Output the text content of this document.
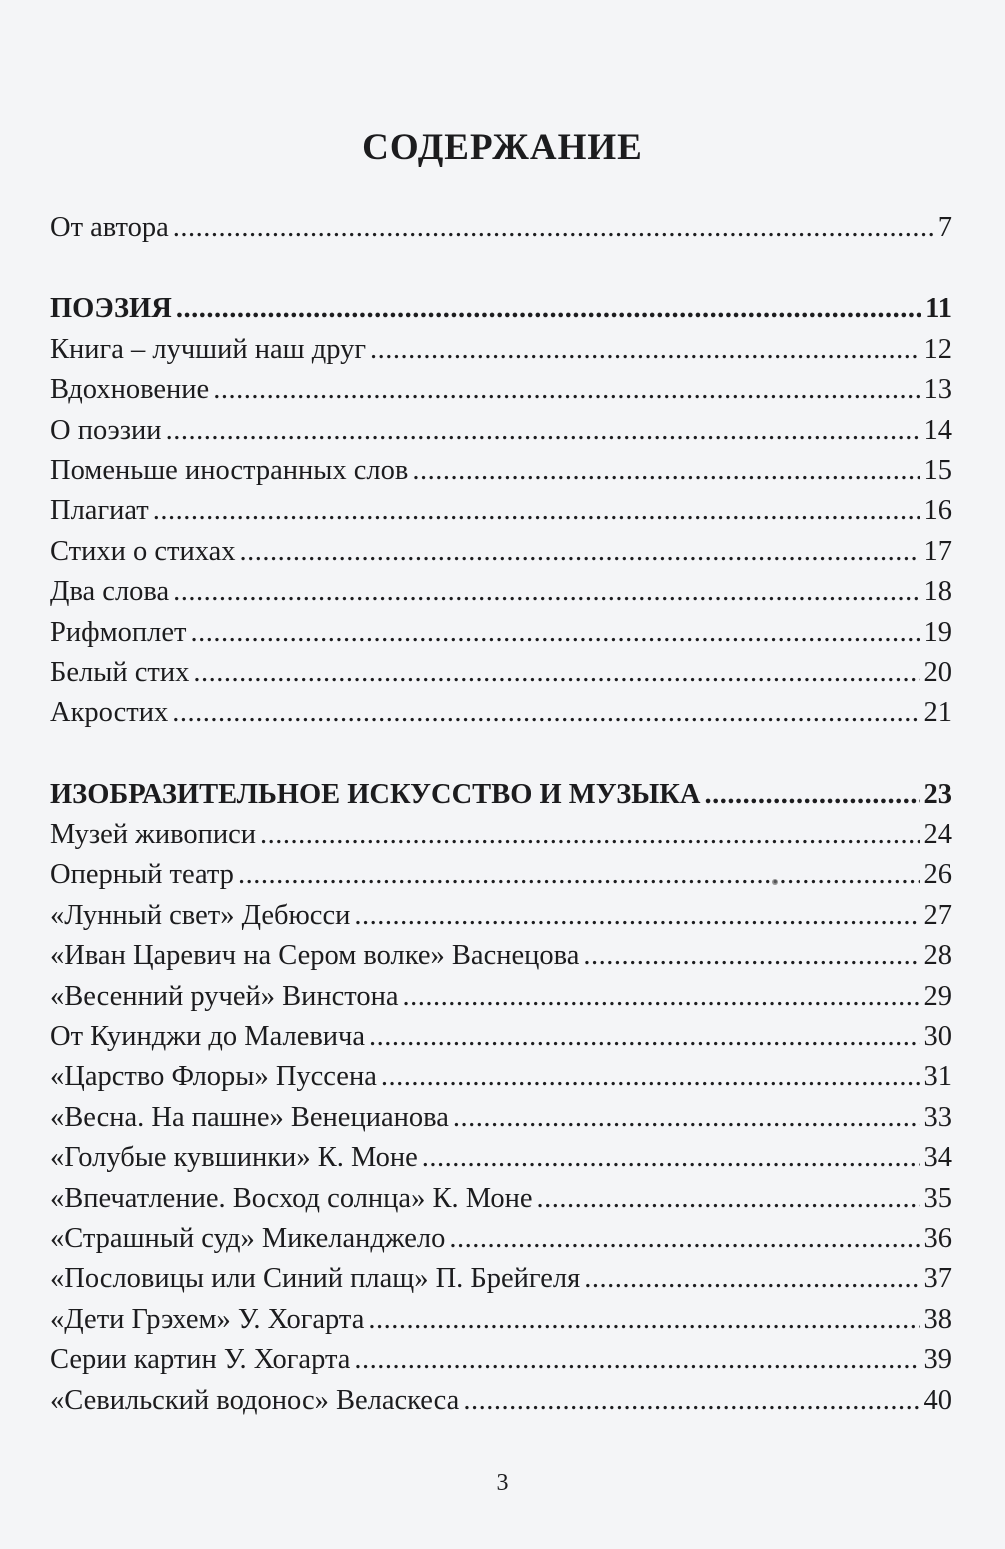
СОДЕРЖАНИЕ
От автора .....	7
ПОЭЗИЯ .....	11
Книга – лучший наш друг .....	12
Вдохновение .....	13
О поэзии .....	14
Поменьше иностранных слов .....	15
Плагиат .....	16
Стихи о стихах .....	17
Два слова .....	18
Рифмоплет .....	19
Белый стих .....	20
Акростих .....	21
ИЗОБРАЗИТЕЛЬНОЕ ИСКУССТВО И МУЗЫКА .....	23
Музей живописи .....	24
Оперный театр .....	26
«Лунный свет» Дебюсси .....	27
«Иван Царевич на Сером волке» Васнецова .....	28
«Весенний ручей» Винстона .....	29
От Куинджи до Малевича .....	30
«Царство Флоры» Пуссена .....	31
«Весна. На пашне» Венецианова .....	33
«Голубые кувшинки» К. Моне .....	34
«Впечатление. Восход солнца» К. Моне .....	35
«Страшный суд» Микеланджело .....	36
«Пословицы или Синий плащ» П. Брейгеля .....	37
«Дети Грэхем» У. Хогарта .....	38
Серии картин У. Хогарта .....	39
«Севильский водонос» Веласкеса .....	40
3
